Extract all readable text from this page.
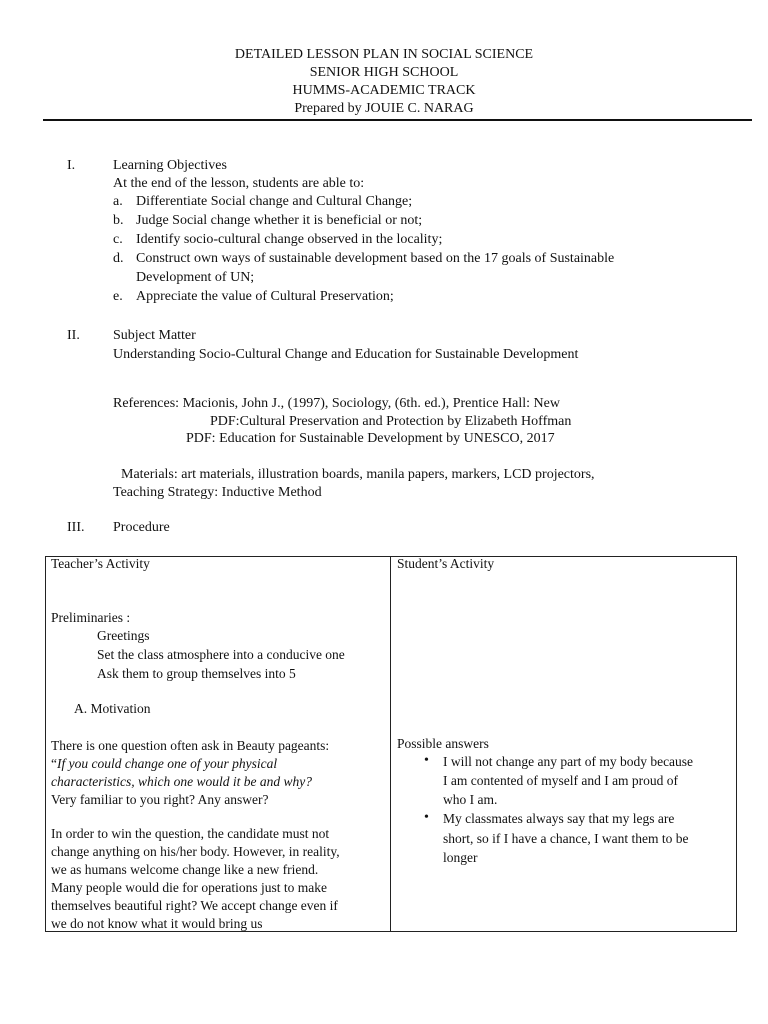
DETAILED LESSON PLAN IN SOCIAL SCIENCE
SENIOR HIGH SCHOOL
HUMMS-ACADEMIC TRACK
Prepared by JOUIE C. NARAG
I.	Learning Objectives
At the end of the lesson, students are able to:
a. Differentiate Social change and Cultural Change;
b. Judge Social change whether it is beneficial or not;
c. Identify socio-cultural change observed in the locality;
d. Construct own ways of sustainable development based on the 17 goals of Sustainable
Development of UN;
e. Appreciate the value of Cultural Preservation;
II. Subject Matter
Understanding Socio-Cultural Change and Education for Sustainable Development
References: Macionis, John J., (1997), Sociology, (6th. ed.), Prentice Hall: New
PDF:Cultural Preservation and Protection by Elizabeth Hoffman
PDF: Education for Sustainable Development by UNESCO, 2017
Materials: art materials, illustration boards, manila papers, markers, LCD projectors,
Teaching Strategy: Inductive Method
III. Procedure
Teacher’s Activity	Student’s Activity
Preliminaries :
Greetings
Set the class atmosphere into a conducive one
Ask them to group themselves into 5
A. Motivation
There is one question often ask in Beauty pageants:
“If you could change one of your physical
characteristics, which one would it be and why?
Very familiar to you right? Any answer?
In order to win the question, the candidate must not
change anything on his/her body. However, in reality,
we as humans welcome change like a new friend.
Many people would die for operations just to make
themselves beautiful right? We accept change even if
we do not know what it would bring us
Possible answers
• I will not change any part of my body because
I am contented of myself and I am proud of
who I am.
• My classmates always say that my legs are
short, so if I have a chance, I want them to be
longer
